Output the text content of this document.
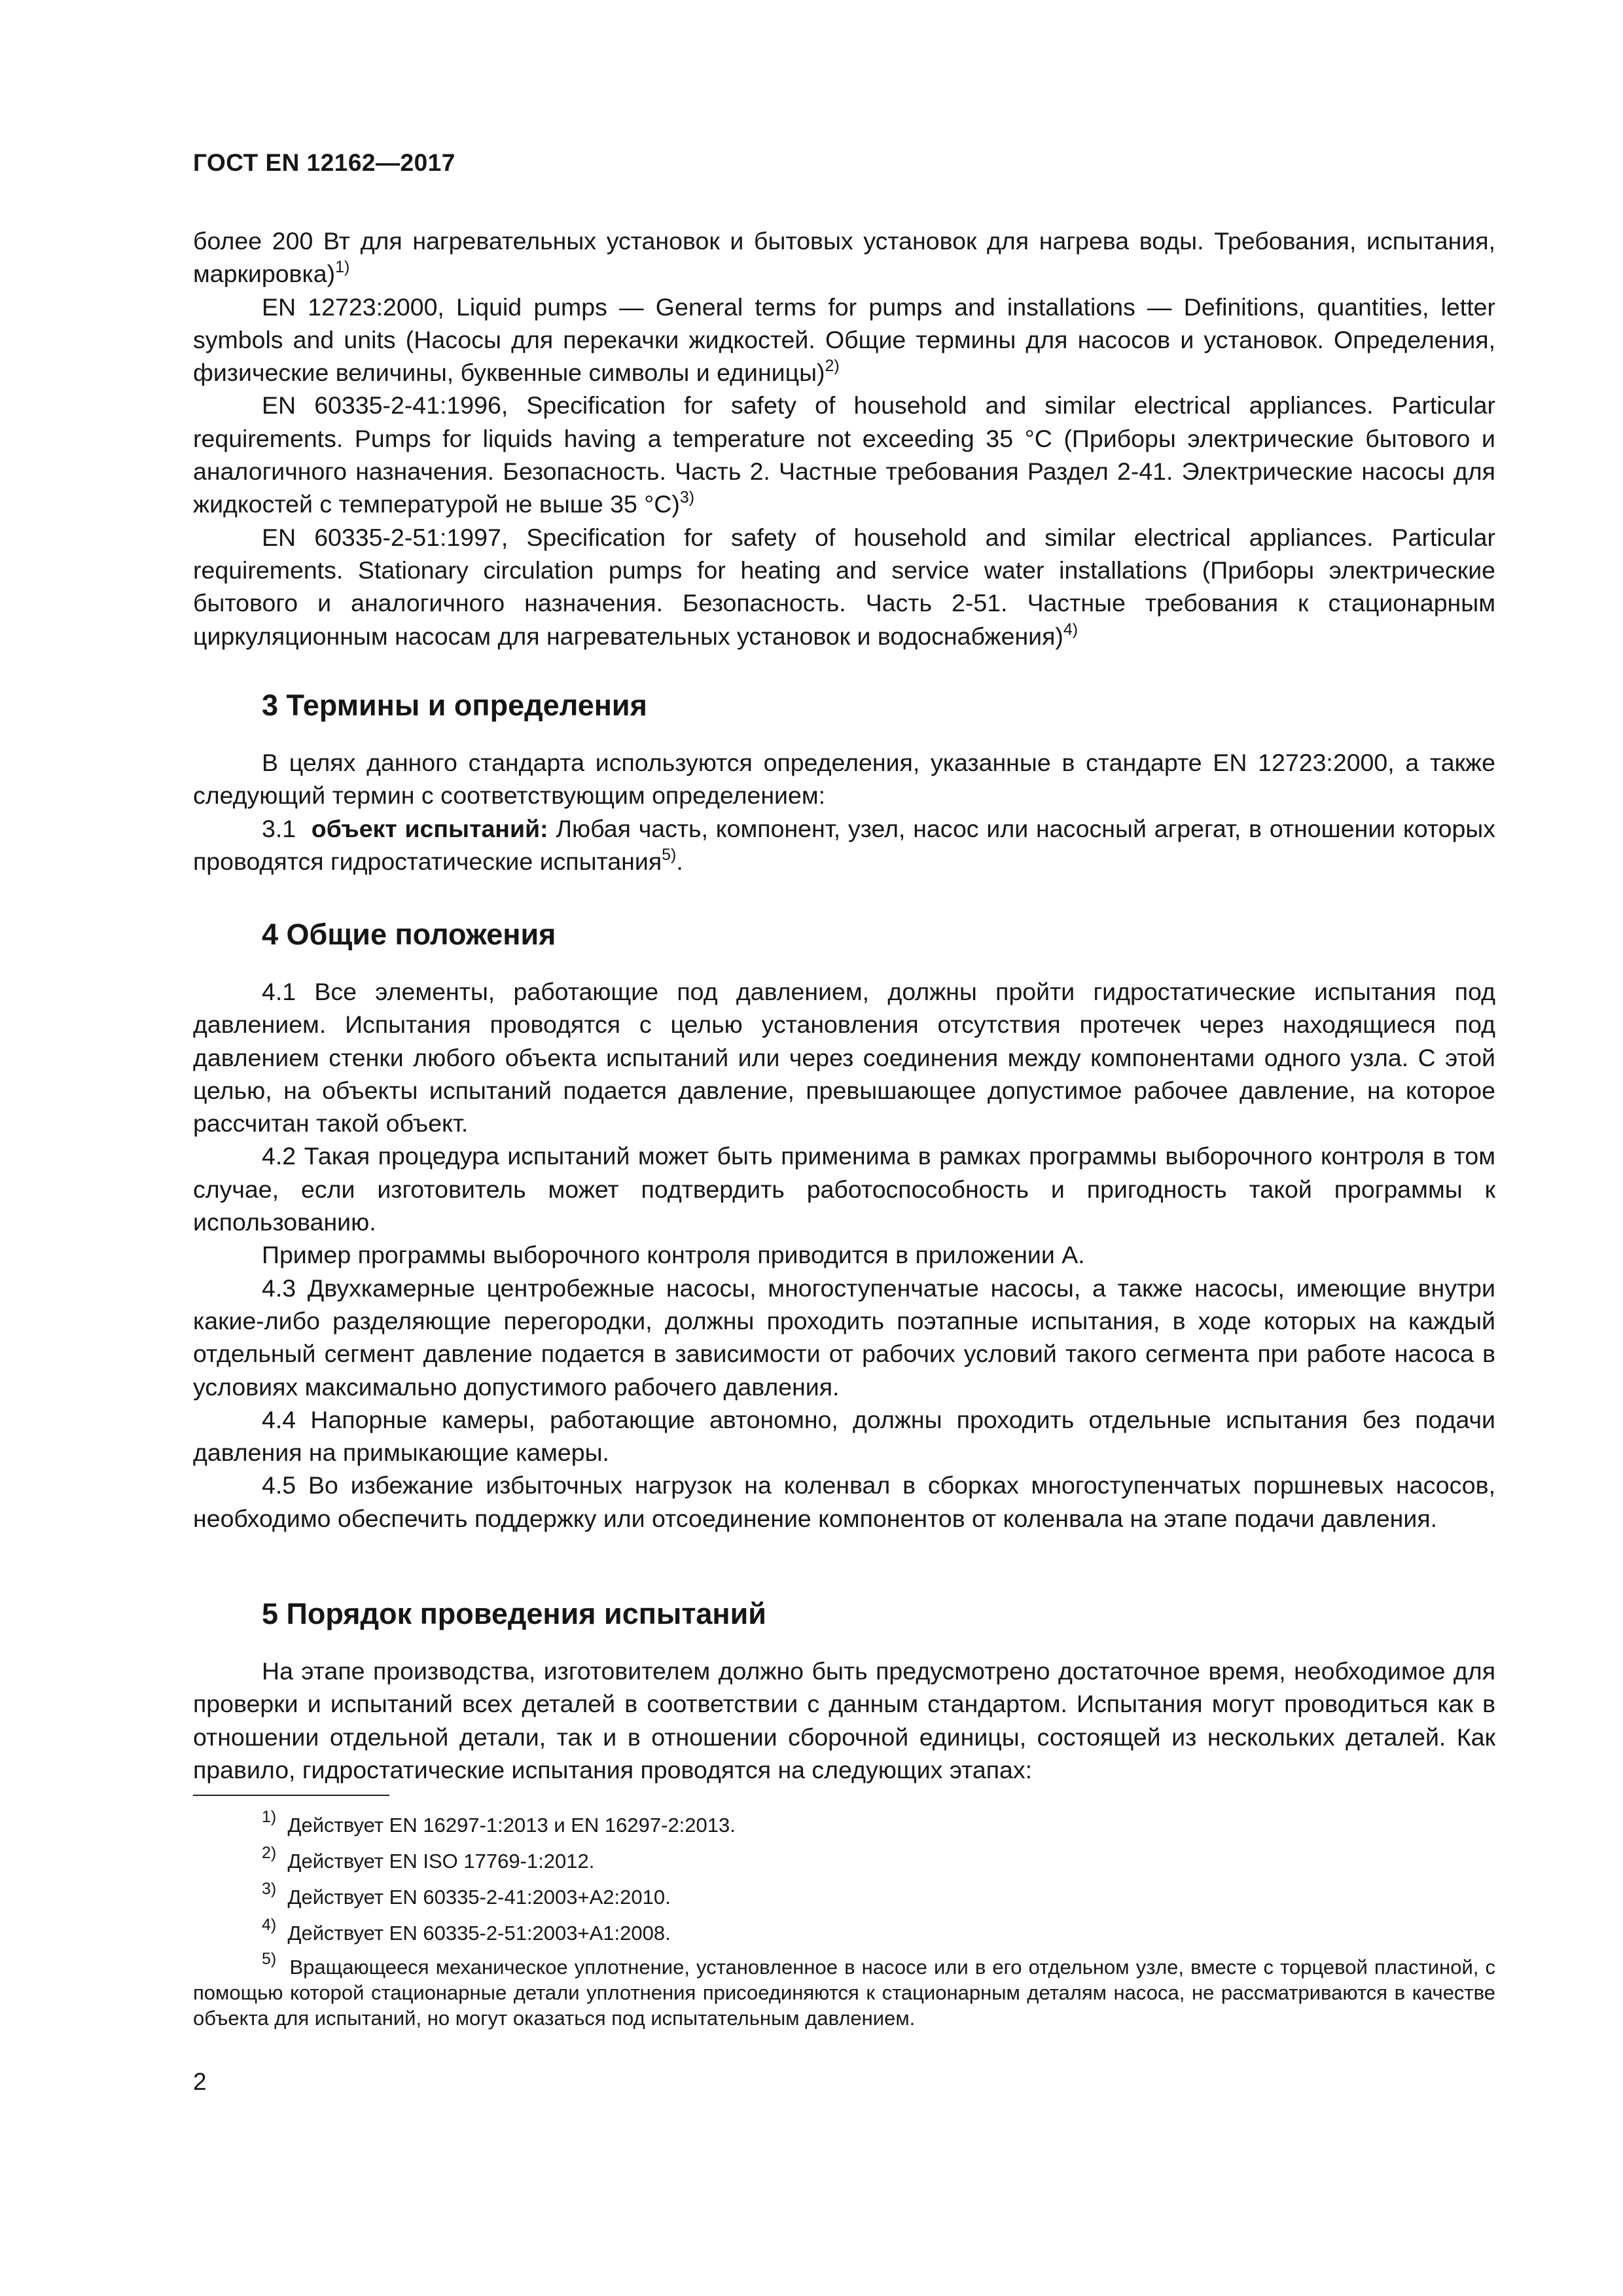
ГОСТ EN 12162—2017

более 200 Вт для нагревательных установок и бытовых установок для нагрева воды. Требования, испытания, маркировка)$^{1)}$

EN 12723:2000, Liquid pumps — General terms for pumps and installations — Definitions, quantities, letter symbols and units (Насосы для перекачки жидкостей. Общие термины для насосов и установок. Определения, физические величины, буквенные символы и единицы)$^{2)}$

EN 60335-2-41:1996, Specification for safety of household and similar electrical appliances. Particular requirements. Pumps for liquids having a temperature not exceeding 35 °C (Приборы электрические бытового и аналогичного назначения. Безопасность. Часть 2. Частные требования Раздел 2-41. Электрические насосы для жидкостей с температурой не выше 35 °C)$^{3)}$

EN 60335-2-51:1997, Specification for safety of household and similar electrical appliances. Particular requirements. Stationary circulation pumps for heating and service water installations (Приборы электрические бытового и аналогичного назначения. Безопасность. Часть 2-51. Частные требования к стационарным циркуляционным насосам для нагревательных установок и водоснабжения)$^{4)}$

3 Термины и определения

В целях данного стандарта используются определения, указанные в стандарте EN 12723:2000, а также следующий термин с соответствующим определением:

3.1 объект испытаний: Любая часть, компонент, узел, насос или насосный агрегат, в отношении которых проводятся гидростатические испытания$^{5)}$.

4 Общие положения

4.1 Все элементы, работающие под давлением, должны пройти гидростатические испытания под давлением. Испытания проводятся с целью установления отсутствия протечек через находящиеся под давлением стенки любого объекта испытаний или через соединения между компонентами одного узла. С этой целью, на объекты испытаний подается давление, превышающее допустимое рабочее давление, на которое рассчитан такой объект.

4.2 Такая процедура испытаний может быть применима в рамках программы выборочного контроля в том случае, если изготовитель может подтвердить работоспособность и пригодность такой программы к использованию.

Пример программы выборочного контроля приводится в приложении А.

4.3 Двухкамерные центробежные насосы, многоступенчатые насосы, а также насосы, имеющие внутри какие-либо разделяющие перегородки, должны проходить поэтапные испытания, в ходе которых на каждый отдельный сегмент давление подается в зависимости от рабочих условий такого сегмента при работе насоса в условиях максимально допустимого рабочего давления.

4.4 Напорные камеры, работающие автономно, должны проходить отдельные испытания без подачи давления на примыкающие камеры.

4.5 Во избежание избыточных нагрузок на коленвал в сборках многоступенчатых поршневых насосов, необходимо обеспечить поддержку или отсоединение компонентов от коленвала на этапе подачи давления.

5 Порядок проведения испытаний

На этапе производства, изготовителем должно быть предусмотрено достаточное время, необходимое для проверки и испытаний всех деталей в соответствии с данным стандартом. Испытания могут проводиться как в отношении отдельной детали, так и в отношении сборочной единицы, состоящей из нескольких деталей. Как правило, гидростатические испытания проводятся на следующих этапах:

$^{1)}$ Действует EN 16297-1:2013 и EN 16297-2:2013.

$^{2)}$ Действует EN ISO 17769-1:2012.

$^{3)}$ Действует EN 60335-2-41:2003+A2:2010.

$^{4)}$ Действует EN 60335-2-51:2003+A1:2008.

$^{5)}$ Вращающееся механическое уплотнение, установленное в насосе или в его отдельном узле, вместе с торцевой пластиной, с помощью которой стационарные детали уплотнения присоединяются к стационарным деталям насоса, не рассматриваются в качестве объекта для испытаний, но могут оказаться под испытательным давлением.

2
